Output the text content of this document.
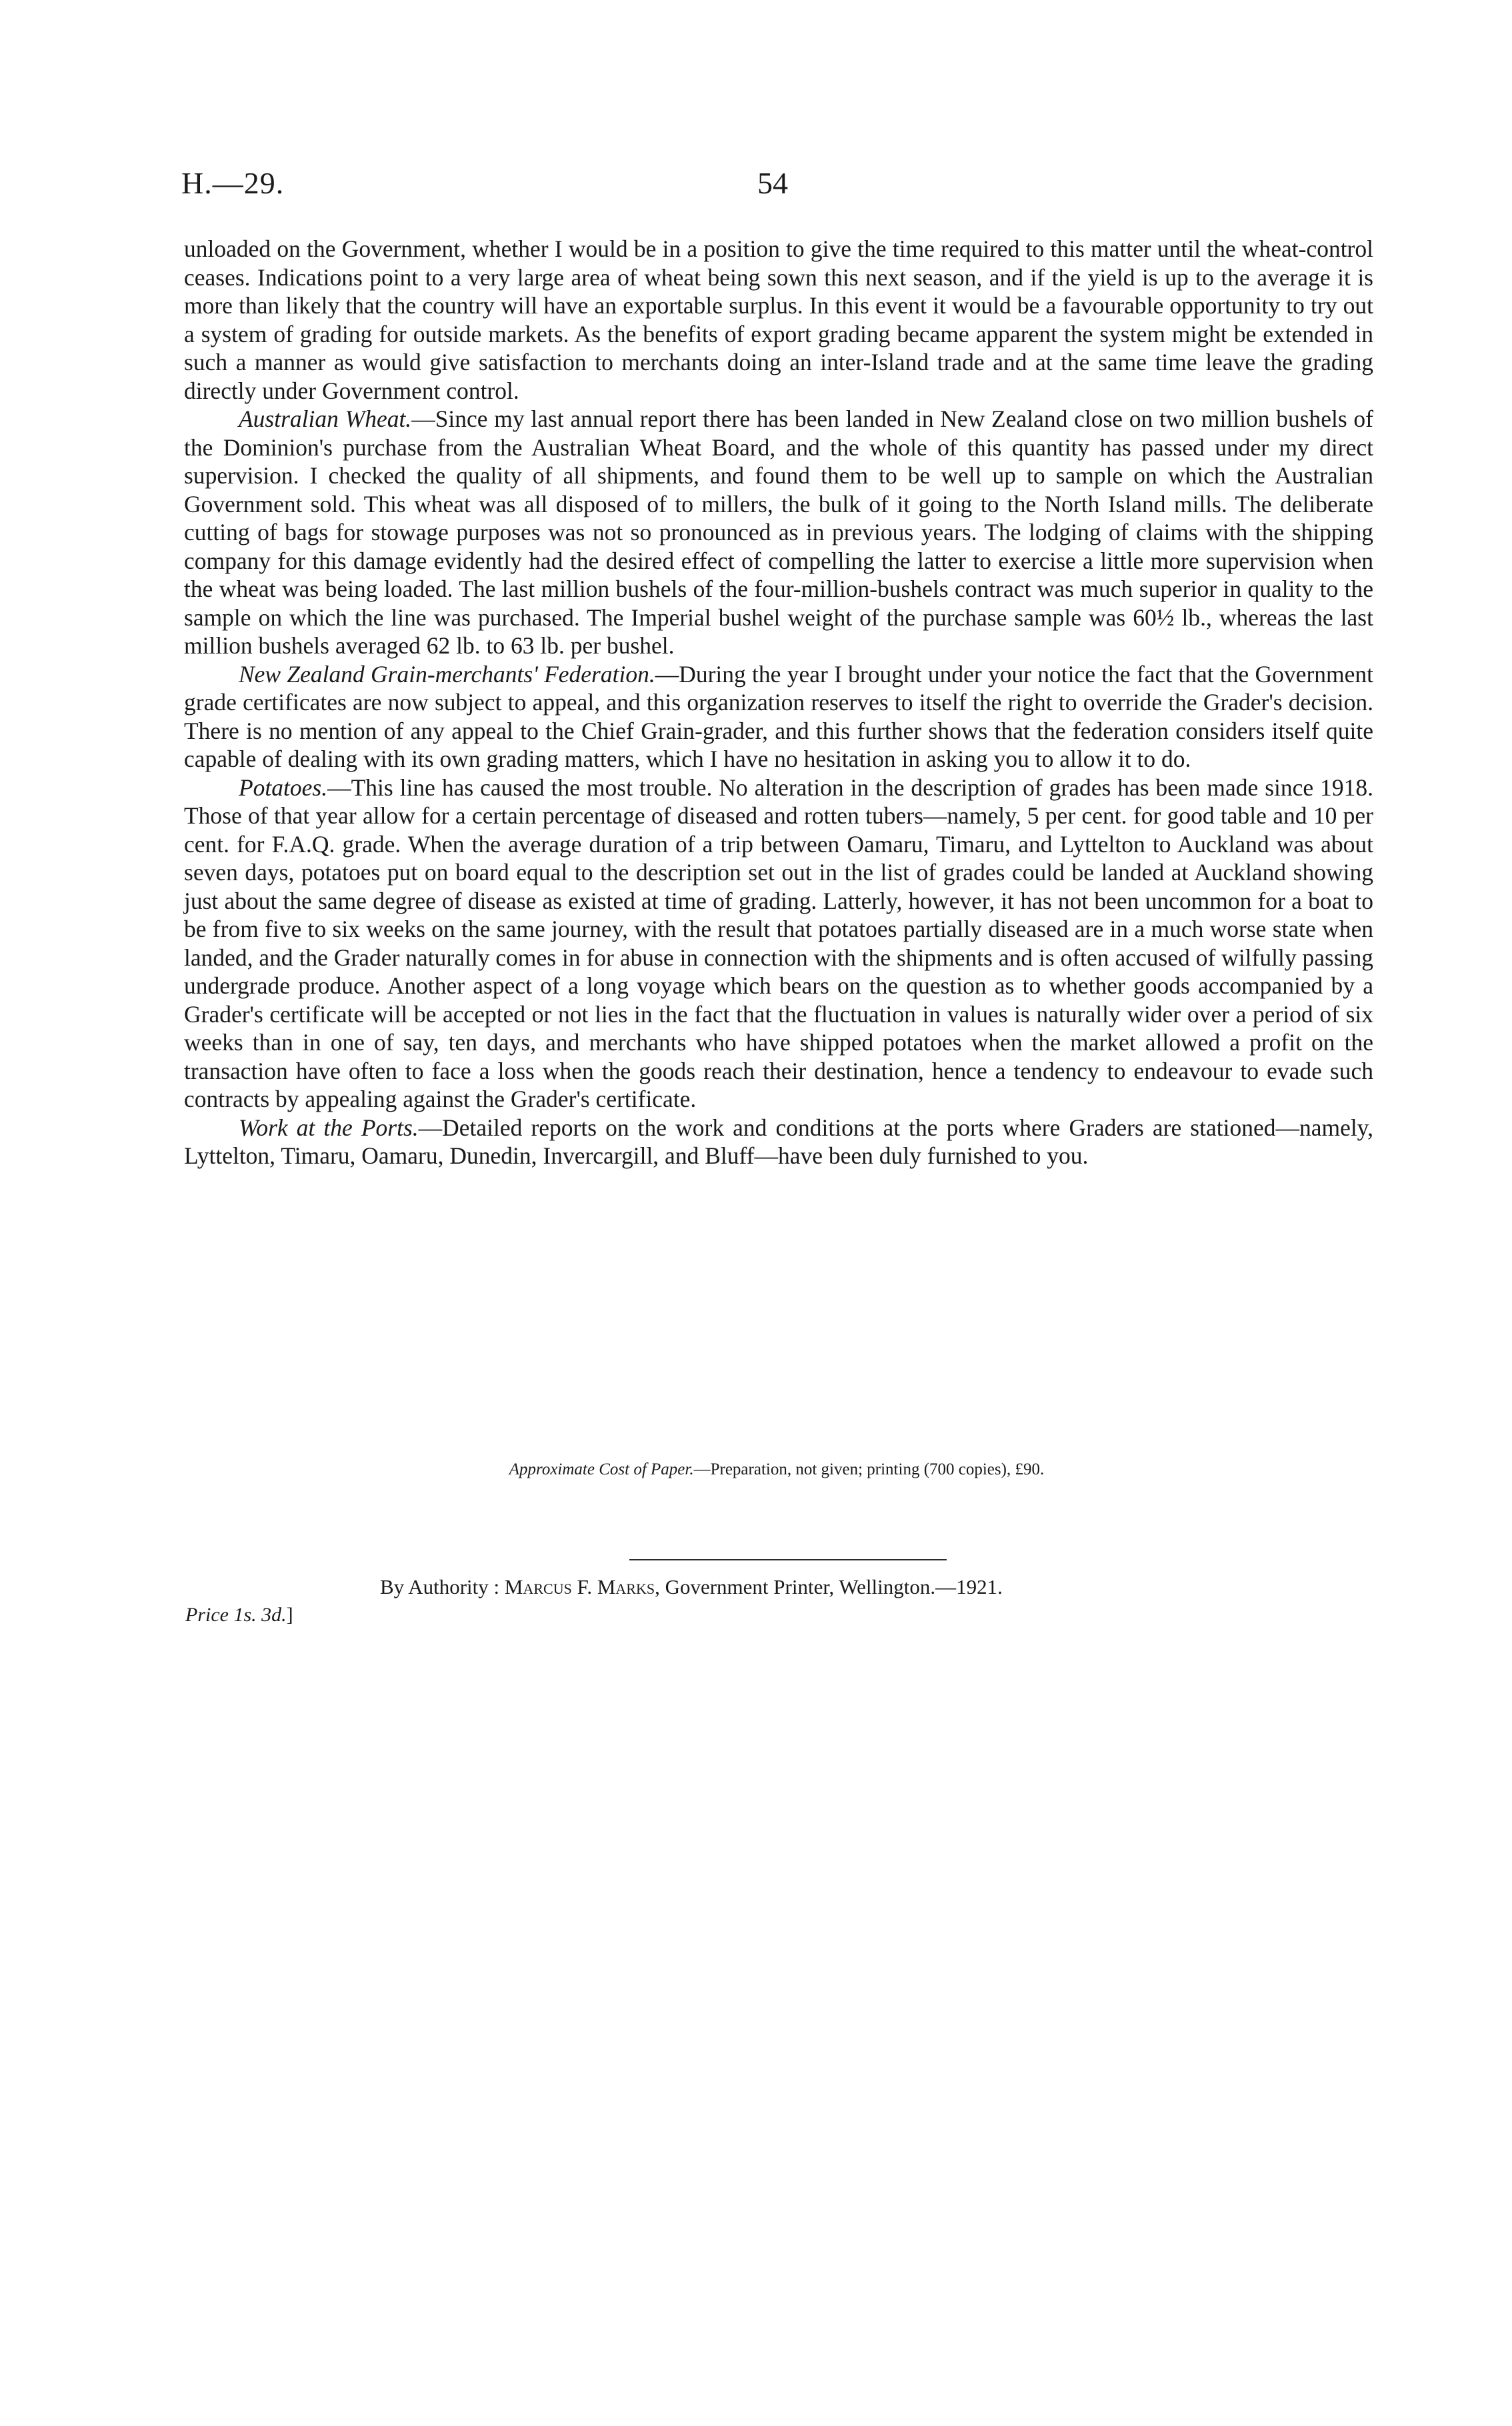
H.—29.	54

unloaded on the Government, whether I would be in a position to give the time required to this matter until the wheat-control ceases. Indications point to a very large area of wheat being sown this next season, and if the yield is up to the average it is more than likely that the country will have an exportable surplus. In this event it would be a favourable opportunity to try out a system of grading for outside markets. As the benefits of export grading became apparent the system might be extended in such a manner as would give satisfaction to merchants doing an inter-Island trade and at the same time leave the grading directly under Government control.

Australian Wheat.—Since my last annual report there has been landed in New Zealand close on two million bushels of the Dominion's purchase from the Australian Wheat Board, and the whole of this quantity has passed under my direct supervision. I checked the quality of all shipments, and found them to be well up to sample on which the Australian Government sold. This wheat was all disposed of to millers, the bulk of it going to the North Island mills. The deliberate cutting of bags for stowage purposes was not so pronounced as in previous years. The lodging of claims with the shipping company for this damage evidently had the desired effect of compelling the latter to exercise a little more supervision when the wheat was being loaded. The last million bushels of the four-million-bushels contract was much superior in quality to the sample on which the line was purchased. The Imperial bushel weight of the purchase sample was 60½ lb., whereas the last million bushels averaged 62 lb. to 63 lb. per bushel.

New Zealand Grain-merchants' Federation.—During the year I brought under your notice the fact that the Government grade certificates are now subject to appeal, and this organization reserves to itself the right to override the Grader's decision. There is no mention of any appeal to the Chief Grain-grader, and this further shows that the federation considers itself quite capable of dealing with its own grading matters, which I have no hesitation in asking you to allow it to do.

Potatoes.—This line has caused the most trouble. No alteration in the description of grades has been made since 1918. Those of that year allow for a certain percentage of diseased and rotten tubers—namely, 5 per cent. for good table and 10 per cent. for F.A.Q. grade. When the average duration of a trip between Oamaru, Timaru, and Lyttelton to Auckland was about seven days, potatoes put on board equal to the description set out in the list of grades could be landed at Auckland showing just about the same degree of disease as existed at time of grading. Latterly, however, it has not been uncommon for a boat to be from five to six weeks on the same journey, with the result that potatoes partially diseased are in a much worse state when landed, and the Grader naturally comes in for abuse in connection with the shipments and is often accused of wilfully passing undergrade produce. Another aspect of a long voyage which bears on the question as to whether goods accompanied by a Grader's certificate will be accepted or not lies in the fact that the fluctuation in values is naturally wider over a period of six weeks than in one of say, ten days, and merchants who have shipped potatoes when the market allowed a profit on the transaction have often to face a loss when the goods reach their destination, hence a tendency to endeavour to evade such contracts by appealing against the Grader's certificate.

Work at the Ports.—Detailed reports on the work and conditions at the ports where Graders are stationed—namely, Lyttelton, Timaru, Oamaru, Dunedin, Invercargill, and Bluff—have been duly furnished to you.

Approximate Cost of Paper.—Preparation, not given; printing (700 copies), £90.
By Authority : Marcus F. Marks, Government Printer, Wellington.—1921.
Price 1s. 3d.]
